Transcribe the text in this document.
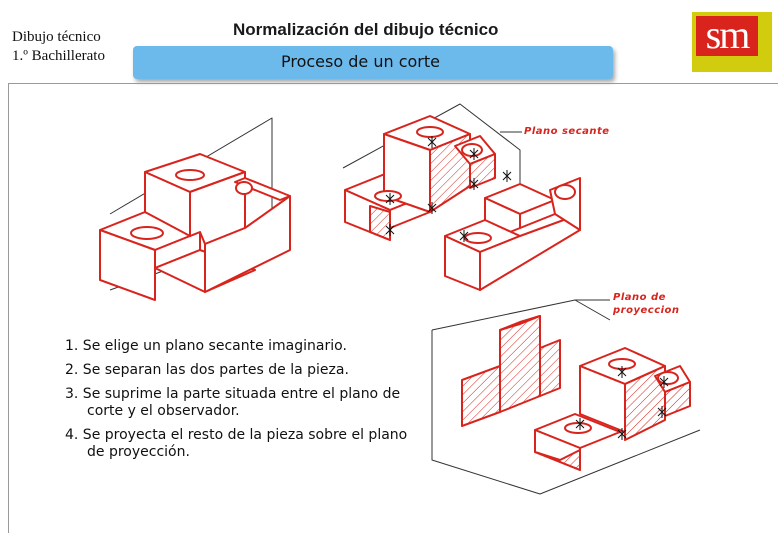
Dibujo técnico
1.º Bachillerato
Normalización del dibujo técnico
Proceso de un corte
sm
Plano secante
Plano de
proyeccion
1. Se elige un plano secante imaginario.
2. Se separan las dos partes de la pieza.
3. Se suprime la parte situada entre el plano de corte y el observador.
4. Se proyecta el resto de la pieza sobre el plano de proyección.
